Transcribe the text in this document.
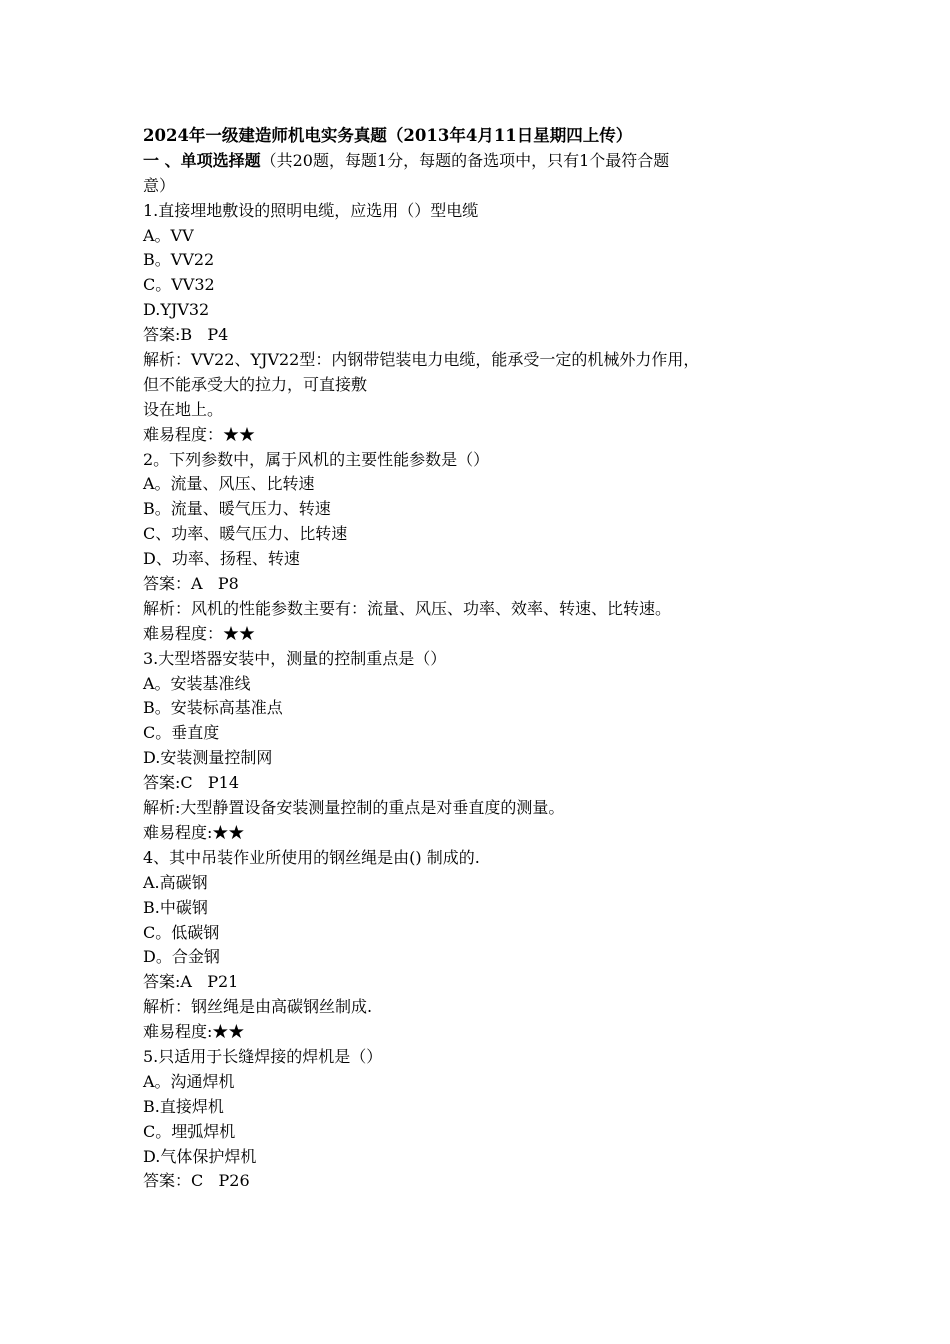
2024年一级建造师机电实务真题（2013年4月11日星期四上传）
一 、单项选择题（共20题，每题1分，每题的备选项中，只有1个最符合题
意）
1.直接埋地敷设的照明电缆，应选用（）型电缆
A。VV
B。VV22
C。VV32
D.YJV32
答案:B   P4
解析：VV22、YJV22型：内钢带铠装电力电缆，能承受一定的机械外力作用，
但不能承受大的拉力，可直接敷
设在地上。
难易程度：★★
2。下列参数中，属于风机的主要性能参数是（）
A。流量、风压、比转速
B。流量、暖气压力、转速
C、功率、暖气压力、比转速
D、功率、扬程、转速
答案：A   P8
解析：风机的性能参数主要有：流量、风压、功率、效率、转速、比转速。
难易程度：★★
3.大型塔器安装中，测量的控制重点是（）
A。安装基准线
B。安装标高基准点
C。垂直度
D.安装测量控制网
答案:C   P14
解析:大型静置设备安装测量控制的重点是对垂直度的测量。
难易程度:★★
4、其中吊装作业所使用的钢丝绳是由() 制成的.
A.高碳钢
B.中碳钢
C。低碳钢
D。合金钢
答案:A   P21
解析：钢丝绳是由高碳钢丝制成.
难易程度:★★
5.只适用于长缝焊接的焊机是（）
A。沟通焊机
B.直接焊机
C。埋弧焊机
D.气体保护焊机
答案：C   P26
